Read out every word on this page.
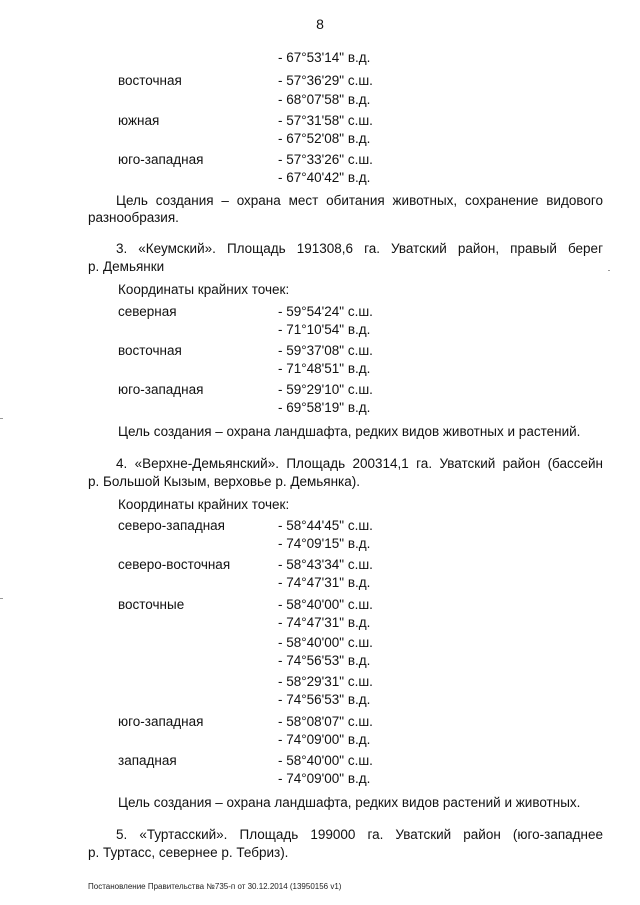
8
- 67°53'14" в.д.
восточная	- 57°36'29" с.ш.
- 68°07'58" в.д.
южная	- 57°31'58" с.ш.
- 67°52'08" в.д.
юго-западная	- 57°33'26" с.ш.
- 67°40'42" в.д.
Цель создания – охрана мест обитания животных, сохранение видового
разнообразия.
3. «Кеумский». Площадь 191308,6 га. Уватский район, правый берег
р. Демьянки
Координаты крайних точек:
северная	- 59°54'24" с.ш.
- 71°10'54" в.д.
восточная	- 59°37'08" с.ш.
- 71°48'51" в.д.
юго-западная	- 59°29'10" с.ш.
- 69°58'19" в.д.
Цель создания – охрана ландшафта, редких видов животных и растений.
4. «Верхне-Демьянский». Площадь 200314,1 га. Уватский район (бассейн
р. Большой Кызым, верховье р. Демьянка).
Координаты крайних точек:
северо-западная	- 58°44'45" с.ш.
- 74°09'15" в.д.
северо-восточная	- 58°43'34" с.ш.
- 74°47'31" в.д.
восточные	- 58°40'00" с.ш.
- 74°47'31" в.д.
- 58°40'00" с.ш.
- 74°56'53" в.д.
- 58°29'31" с.ш.
- 74°56'53" в.д.
юго-западная	- 58°08'07" с.ш.
- 74°09'00" в.д.
западная	- 58°40'00" с.ш.
- 74°09'00" в.д.
Цель создания – охрана ландшафта, редких видов растений и животных.
5. «Туртасский». Площадь 199000 га. Уватский район (юго-западнее
р. Туртасс, севернее р. Тебриз).
Постановление Правительства №735-п от 30.12.2014 (13950156 v1)
